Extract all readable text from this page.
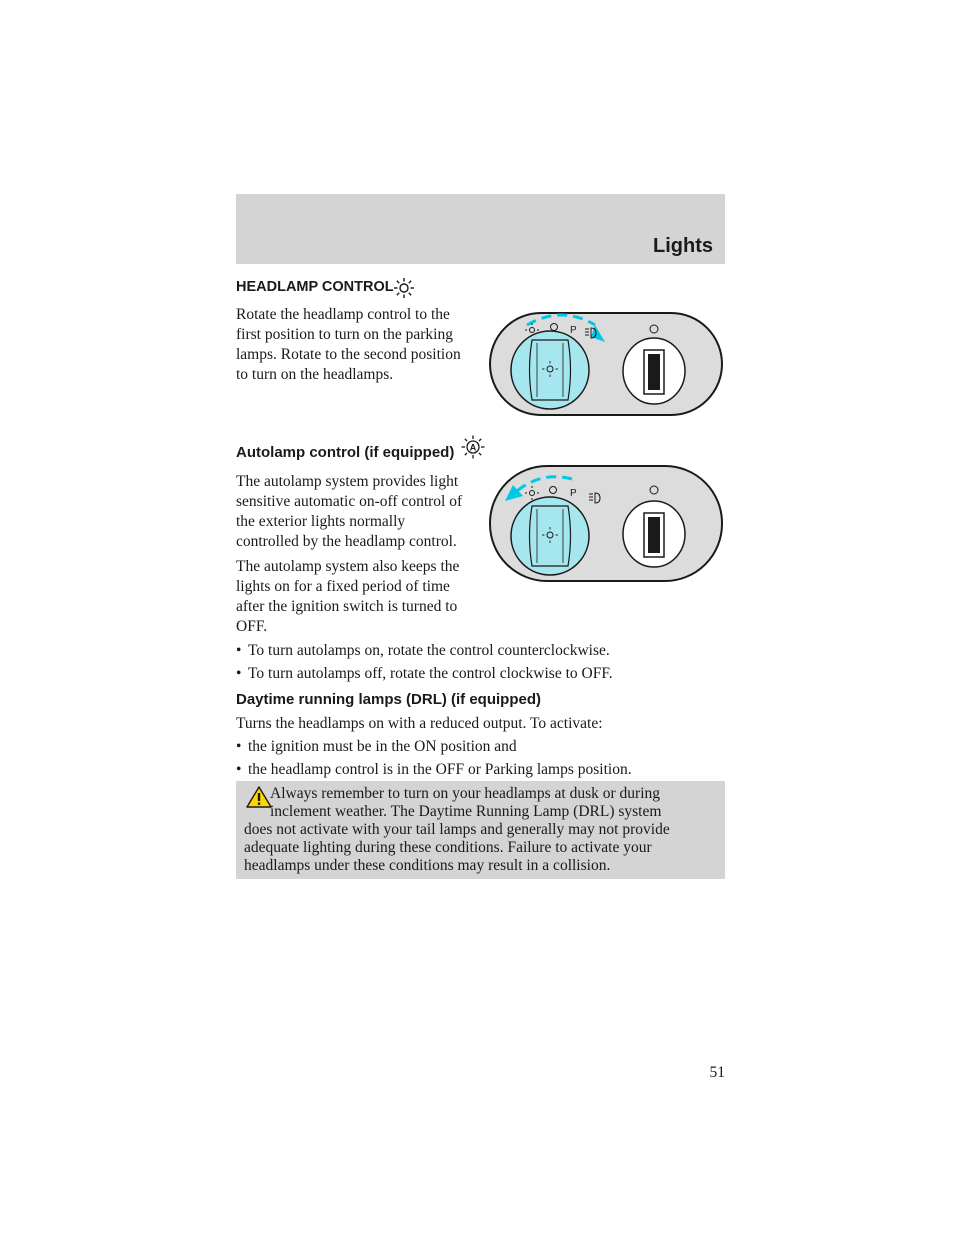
Lights
HEADLAMP CONTROL
Rotate the headlamp control to the
first position to turn on the parking
lamps. Rotate to the second position
to turn on the headlamps.
P
Autolamp control (if equipped) A
The autolamp system provides light
sensitive automatic on-off control of
the exterior lights normally
controlled by the headlamp control.
The autolamp system also keeps the
lights on for a fixed period of time
after the ignition switch is turned to
OFF.
P
• To turn autolamps on, rotate the control counterclockwise.
• To turn autolamps off, rotate the control clockwise to OFF.
Daytime running lamps (DRL) (if equipped)
Turns the headlamps on with a reduced output. To activate:
• the ignition must be in the ON position and
• the headlamp control is in the OFF or Parking lamps position.
Always remember to turn on your headlamps at dusk or during
inclement weather. The Daytime Running Lamp (DRL) system
does not activate with your tail lamps and generally may not provide
adequate lighting during these conditions. Failure to activate your
headlamps under these conditions may result in a collision.
51
